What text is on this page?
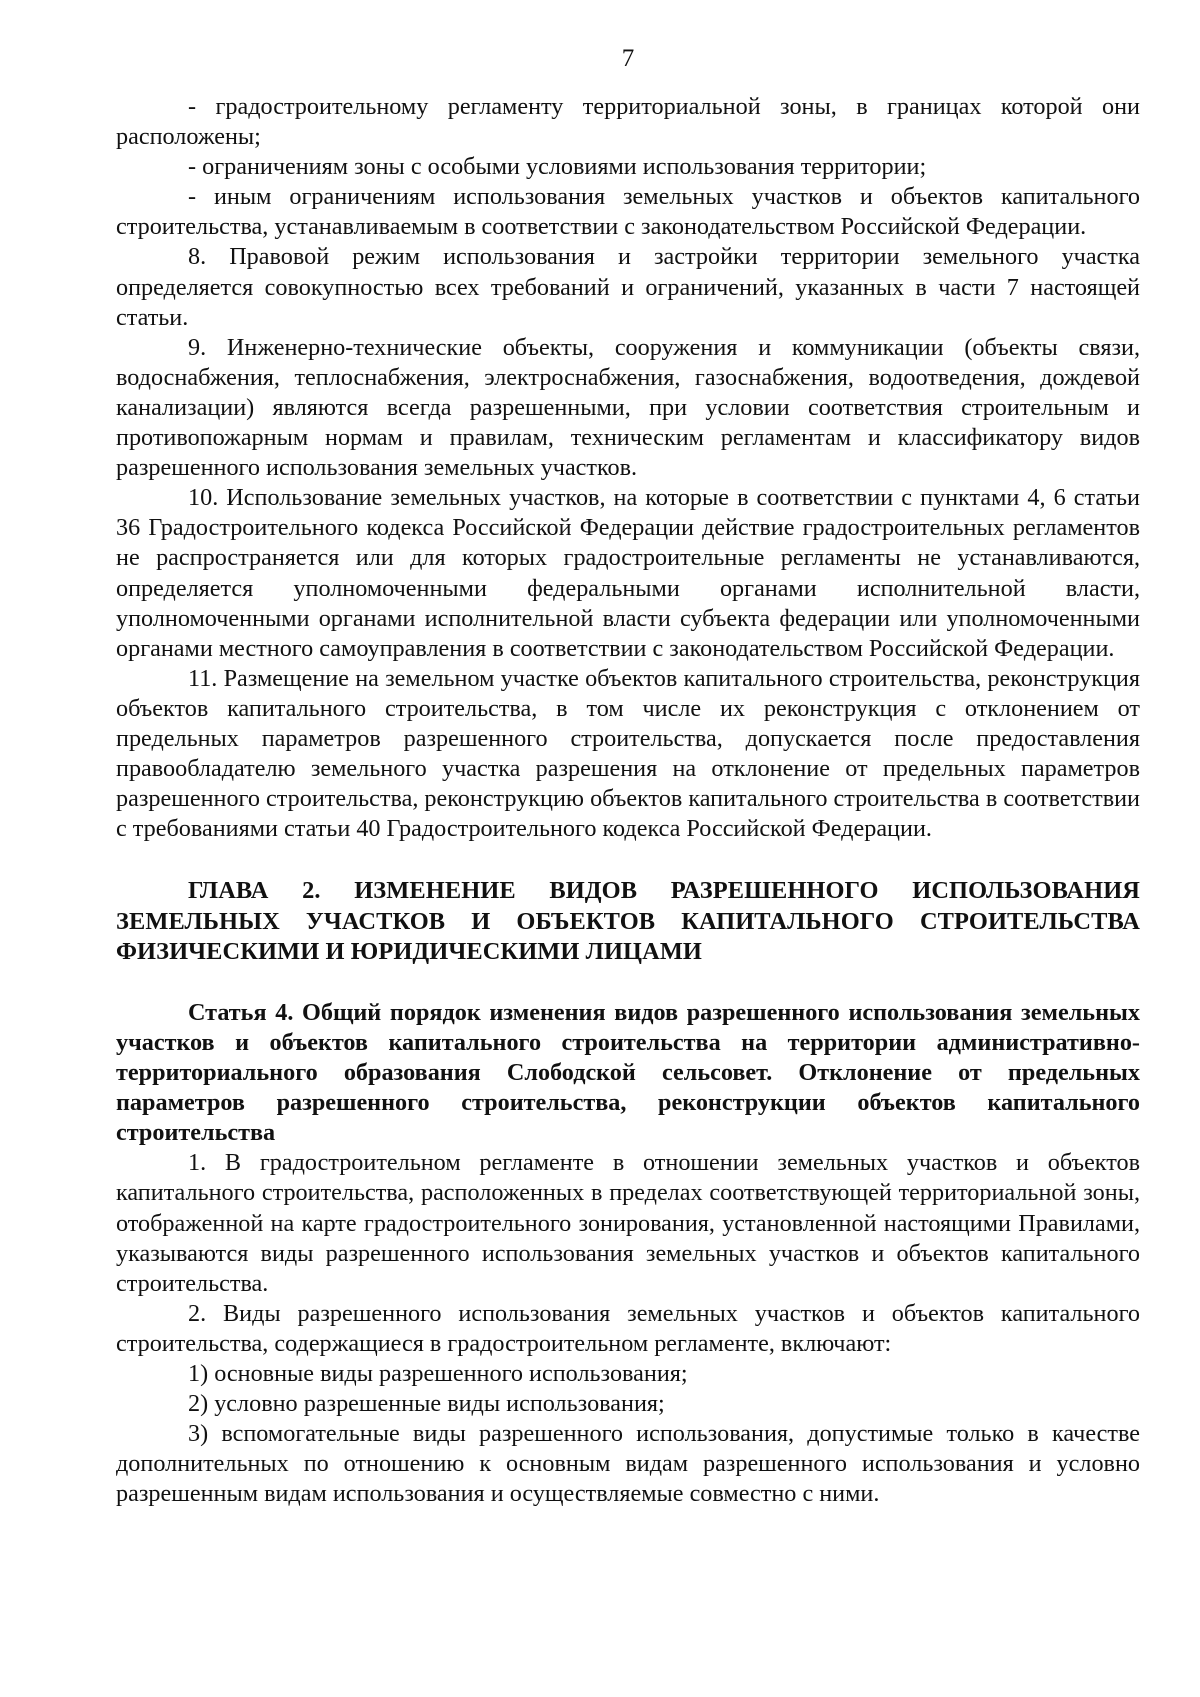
7

- градостроительному регламенту территориальной зоны, в границах которой они расположены;

- ограничениям зоны с особыми условиями использования территории;

- иным ограничениям использования земельных участков и объектов капитального строительства, устанавливаемым в соответствии с законодательством Российской Федерации.

8. Правовой режим использования и застройки территории земельного участка определяется совокупностью всех требований и ограничений, указанных в части 7 настоящей статьи.

9. Инженерно-технические объекты, сооружения и коммуникации (объекты связи, водоснабжения, теплоснабжения, электроснабжения, газоснабжения, водоотведения, дождевой канализации) являются всегда разрешенными, при условии соответствия строительным и противопожарным нормам и правилам, техническим регламентам и классификатору видов разрешенного использования земельных участков.

10. Использование земельных участков, на которые в соответствии с пунктами 4, 6 статьи 36 Градостроительного кодекса Российской Федерации действие градостроительных регламентов не распространяется или для которых градостроительные регламенты не устанавливаются, определяется уполномоченными федеральными органами исполнительной власти, уполномоченными органами исполнительной власти субъекта федерации или уполномоченными органами местного самоуправления в соответствии с законодательством Российской Федерации.

11. Размещение на земельном участке объектов капитального строительства, реконструкция объектов капитального строительства, в том числе их реконструкция с отклонением от предельных параметров разрешенного строительства, допускается после предоставления правообладателю земельного участка разрешения на отклонение от предельных параметров разрешенного строительства, реконструкцию объектов капитального строительства в соответствии с требованиями статьи 40 Градостроительного кодекса Российской Федерации.

ГЛАВА 2. ИЗМЕНЕНИЕ ВИДОВ РАЗРЕШЕННОГО ИСПОЛЬЗОВАНИЯ ЗЕМЕЛЬНЫХ УЧАСТКОВ И ОБЪЕКТОВ КАПИТАЛЬНОГО СТРОИТЕЛЬСТВА ФИЗИЧЕСКИМИ И ЮРИДИЧЕСКИМИ ЛИЦАМИ

Статья 4. Общий порядок изменения видов разрешенного использования земельных участков и объектов капитального строительства на территории административно-территориального образования Слободской сельсовет. Отклонение от предельных параметров разрешенного строительства, реконструкции объектов капитального строительства

1. В градостроительном регламенте в отношении земельных участков и объектов капитального строительства, расположенных в пределах соответствующей территориальной зоны, отображенной на карте градостроительного зонирования, установленной настоящими Правилами, указываются виды разрешенного использования земельных участков и объектов капитального строительства.

2. Виды разрешенного использования земельных участков и объектов капитального строительства, содержащиеся в градостроительном регламенте, включают:

1) основные виды разрешенного использования;

2) условно разрешенные виды использования;

3) вспомогательные виды разрешенного использования, допустимые только в качестве дополнительных по отношению к основным видам разрешенного использования и условно разрешенным видам использования и осуществляемые совместно с ними.
